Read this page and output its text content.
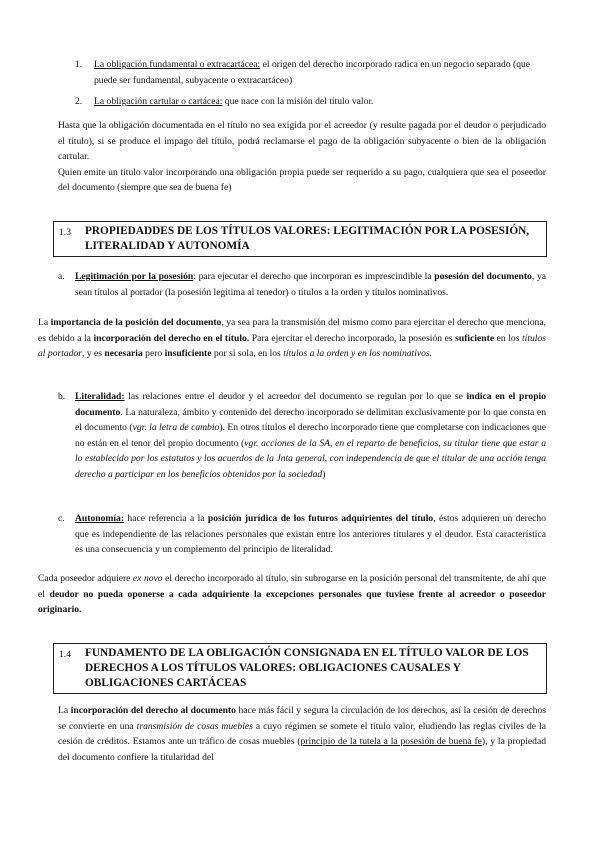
1. La obligación fundamental o extracartácea: el origen del derecho incorporado radica en un negocio separado (que puede ser fundamental, subyacente o extracartáceo)
2. La obligación cartular o cartácea: que nace con la misión del título valor.
Hasta que la obligación documentada en el título no sea exigida por el acreedor (y resulte pagada por el deudor o perjudicado el título), si se produce el impago del título, podrá reclamarse el pago de la obligación subyacente o bien de la obligación cartular.
Quien emite un título valor incorporando una obligación propia puede ser requerido a su pago, cualquiera que sea el poseedor del documento (siempre que sea de buena fe)
1.3 PROPIEDADDES DE LOS TÍTULOS VALORES: LEGITIMACIÓN POR LA POSESIÓN, LITERALIDAD Y AUTONOMÍA
a. Legitimación por la posesión: para ejecutar el derecho que incorporan es imprescindible la posesión del documento, ya sean títulos al portador (la posesión legitima al tenedor) o títulos a la orden y títulos nominativos.
La importancia de la posición del documento, ya sea para la transmisión del mismo como para ejercitar el derecho que menciona, es debido a la incorporación del derecho en el título. Para ejercitar el derecho incorporado, la posesión es suficiente en los títulos al portador, y es necesaria pero insuficiente por sí sola, en los títulos a la orden y en los nominativos.
b. Literalidad: las relaciones entre el deudor y el acreedor del documento se regulan por lo que se indica en el propio documento. La naturaleza, ámbito y contenido del derecho incorporado se delimitan exclusivamente por lo que consta en el documento (vgr. la letra de cambio). En otros títulos el derecho incorporado tiene que completarse con indicaciones que no están en el tenor del propio documento (vgr. acciones de la SA, en el reparto de beneficios, su titular tiene que estar a lo establecido por los estatutos y los acuerdos de la Jnta general, con independencia de que el titular de una acción tenga derecho a participar en los beneficios obtenidos por la sociedad)
c. Autonomía: hace referencia a la posición jurídica de los futuros adquirientes del título, éstos adquieren un derecho que es independiente de las relaciones personales que existan entre los anteriores titulares y el deudor. Esta característica es una consecuencia y un complemento del principio de literalidad.
Cada poseedor adquiere ex novo el derecho incorporado al título, sin subrogarse en la posición personal del transmitente, de ahí que el deudor no pueda oponerse a cada adquiriente la excepciones personales que tuviese frente al acreedor o poseedor originario.
1.4 FUNDAMENTO DE LA OBLIGACIÓN CONSIGNADA EN EL TÍTULO VALOR DE LOS DERECHOS A LOS TÍTULOS VALORES: OBLIGACIONES CAUSALES Y OBLIGACIONES CARTÁCEAS
La incorporación del derecho al documento hace más fácil y segura la circulación de los derechos, así la cesión de derechos se convierte en una transmisión de cosas muebles a cuyo régimen se somete el título valor, eludiendo las reglas civiles de la cesión de créditos. Estamos ante un tráfico de cosas muebles (principio de la tutela a la posesión de buena fe), y la propiedad del documento confiere la titularidad del
